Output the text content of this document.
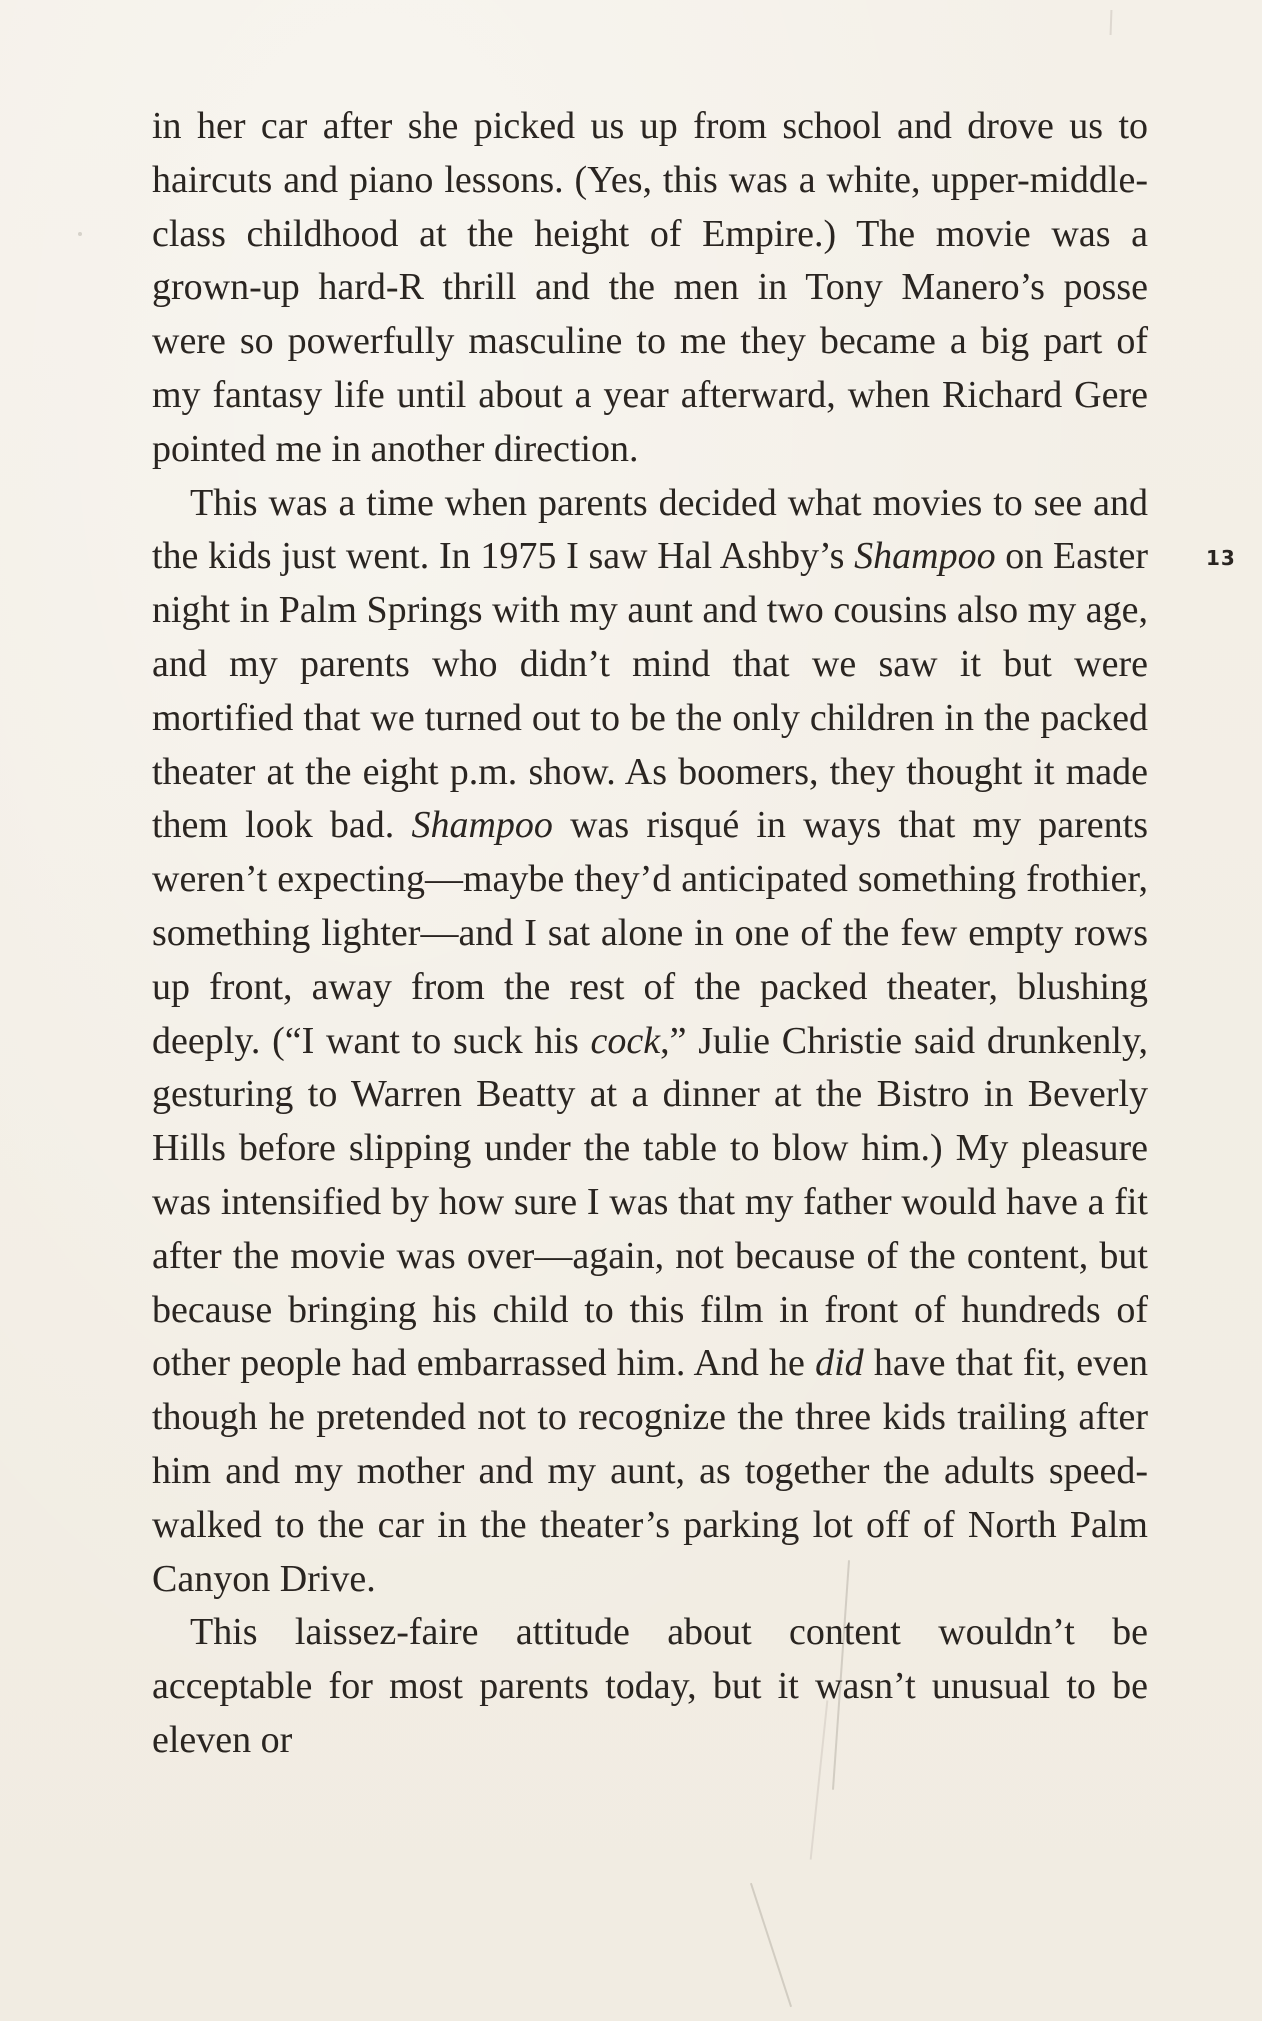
in her car after she picked us up from school and drove us to haircuts and piano lessons. (Yes, this was a white, upper-middle-class childhood at the height of Empire.) The movie was a grown-up hard-R thrill and the men in Tony Manero’s posse were so powerfully masculine to me they became a big part of my fantasy life until about a year afterward, when Richard Gere pointed me in another direction.

This was a time when parents decided what movies to see and the kids just went. In 1975 I saw Hal Ashby’s Shampoo on Easter night in Palm Springs with my aunt and two cousins also my age, and my parents who didn’t mind that we saw it but were mortified that we turned out to be the only children in the packed theater at the eight p.m. show. As boomers, they thought it made them look bad. Shampoo was risqué in ways that my parents weren’t expecting—maybe they’d anticipated something frothier, something lighter—and I sat alone in one of the few empty rows up front, away from the rest of the packed theater, blushing deeply. (“I want to suck his cock,” Julie Christie said drunkenly, gesturing to Warren Beatty at a dinner at the Bistro in Beverly Hills before slipping under the table to blow him.) My pleasure was intensified by how sure I was that my father would have a fit after the movie was over—again, not because of the content, but because bringing his child to this film in front of hundreds of other people had embarrassed him. And he did have that fit, even though he pretended not to recognize the three kids trailing after him and my mother and my aunt, as together the adults speed-walked to the car in the theater’s parking lot off of North Palm Canyon Drive.

This laissez-faire attitude about content wouldn’t be acceptable for most parents today, but it wasn’t unusual to be eleven or

13
